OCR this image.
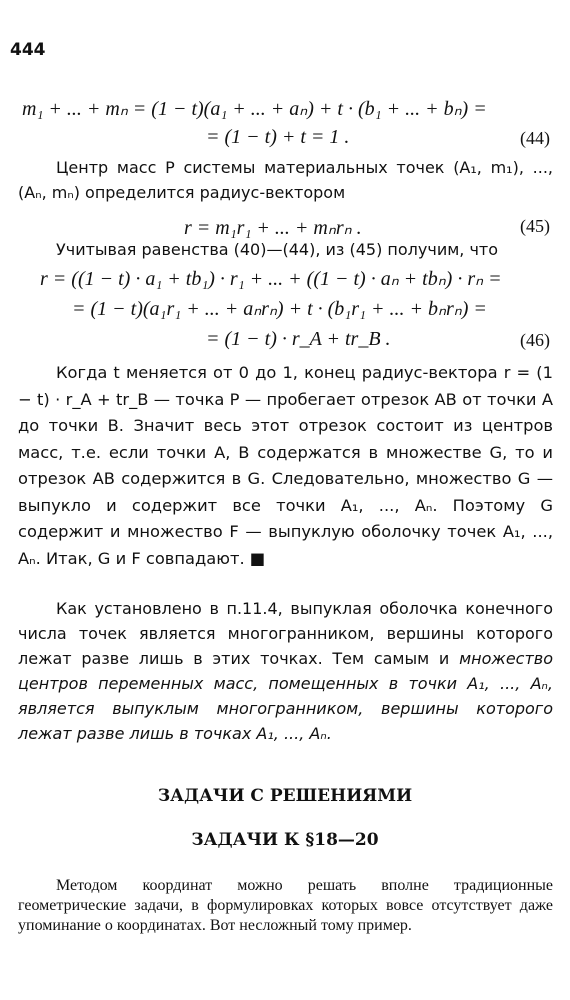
444
m₁ + ... + mₙ = (1 − t)(a₁ + ... + aₙ) + t · (b₁ + ... + bₙ) =
= (1 − t) + t = 1 .	(44)
Центр масс P системы материальных точек (A₁, m₁), ..., (Aₙ, mₙ) определится радиус-вектором
r = m₁r₁ + ... + mₙrₙ .	(45)
Учитывая равенства (40)—(44), из (45) получим, что
r = ((1 − t) · a₁ + tb₁) · r₁ + ... + ((1 − t) · aₙ + tbₙ) · rₙ =
= (1 − t)(a₁r₁ + ... + aₙrₙ) + t · (b₁r₁ + ... + bₙrₙ) =
= (1 − t) · r_A + tr_B .	(46)
Когда t меняется от 0 до 1, конец радиус-вектора r = (1 − t) · r_A + tr_B — точка P — пробегает отрезок AB от точки A до точки B. Значит весь этот отрезок состоит из центров масс, т.е. если точки A, B содержатся в множестве G, то и отрезок AB содержится в G. Следовательно, множество G — выпукло и содержит все точки A₁, ..., Aₙ. Поэтому G содержит и множество F — выпуклую оболочку точек A₁, ..., Aₙ. Итак, G и F совпадают. ■
Как установлено в п.11.4, выпуклая оболочка конечного числа точек является многогранником, вершины которого лежат разве лишь в этих точках. Тем самым и множество центров переменных масс, помещенных в точки A₁, ..., Aₙ, является выпуклым многогранником, вершины которого лежат разве лишь в точках A₁, ..., Aₙ.
ЗАДАЧИ С РЕШЕНИЯМИ
ЗАДАЧИ К §18—20
Методом координат можно решать вполне традиционные геометрические задачи, в формулировках которых вовсе отсутствует даже упоминание о координатах. Вот несложный тому пример.
